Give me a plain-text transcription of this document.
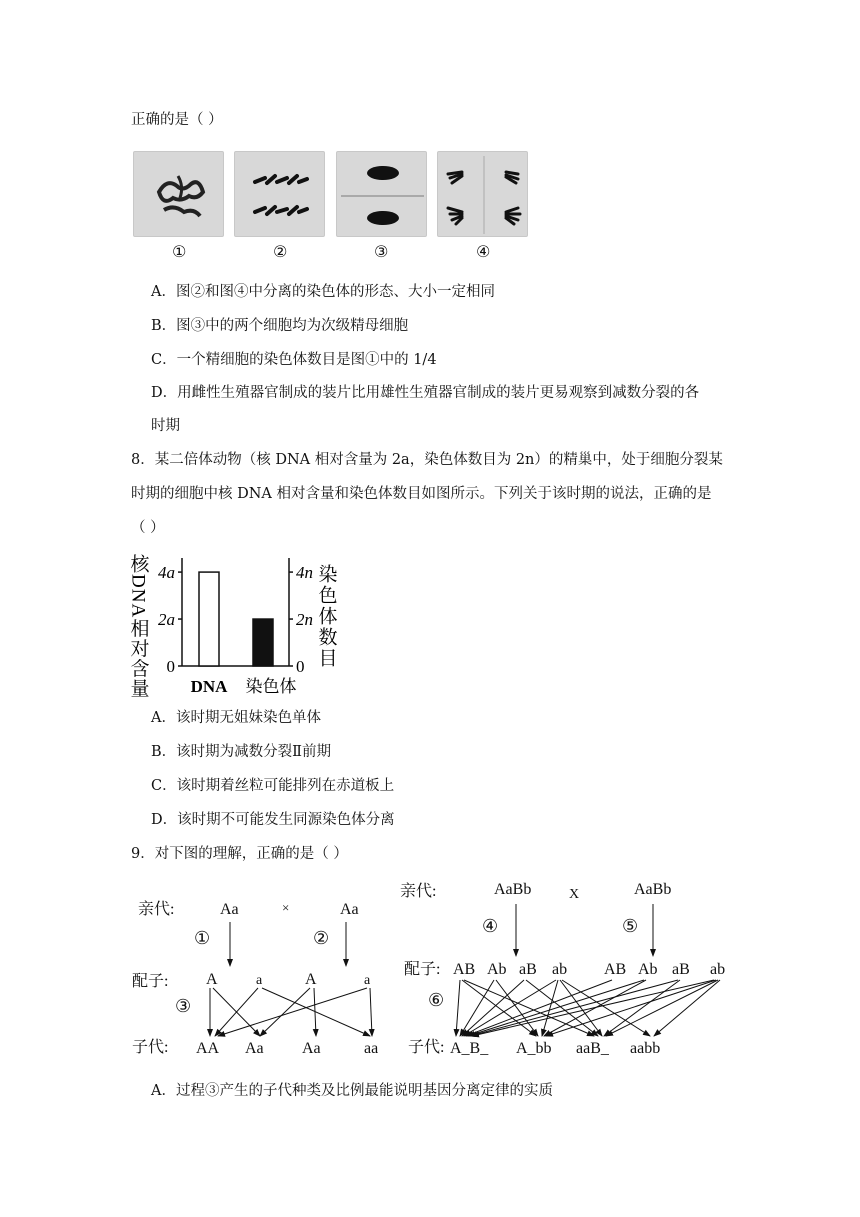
正确的是（ ）
①	②	③	④
A．图②和图④中分离的染色体的形态、大小一定相同
B．图③中的两个细胞均为次级精母细胞
C．一个精细胞的染色体数目是图①中的 1/4
D．用雌性生殖器官制成的装片比用雄性生殖器官制成的装片更易观察到减数分裂的各
时期
8．某二倍体动物（核 DNA 相对含量为 2a，染色体数目为 2n）的精巢中，处于细胞分裂某
时期的细胞中核 DNA 相对含量和染色体数目如图所示。下列关于该时期的说法，正确的是
（ ）
核DNA相对含量	染色体数目
0	0
2a	2n
4a	4n
DNA 染色体
A．该时期无姐妹染色单体
B．该时期为减数分裂Ⅱ前期
C．该时期着丝粒可能排列在赤道板上
D．该时期不可能发生同源染色体分离
9．对下图的理解，正确的是（ ）
亲代:
配子:
子代:
Aa	×	Aa
①	②
③
A	a	A	a
AA Aa Aa	aa
亲代:
配子:
子代:
AaBb	X	AaBb
④	⑤
⑥
AB Ab aB ab AB Ab aB ab
A_B_ A_bb aaB_ aabb
A．过程③产生的子代种类及比例最能说明基因分离定律的实质
